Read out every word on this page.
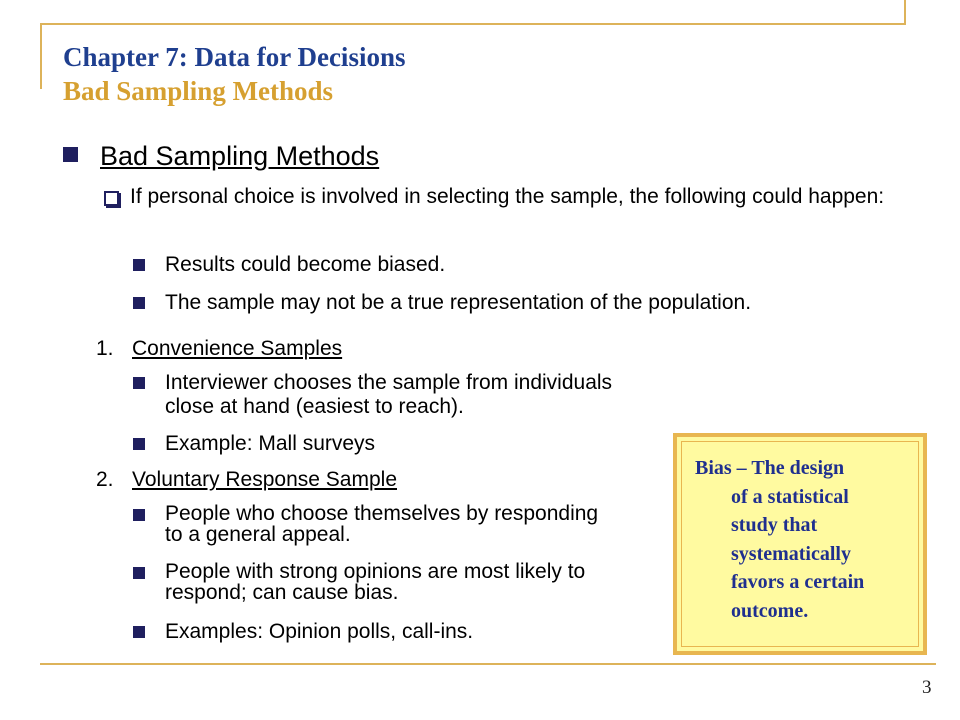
Chapter 7: Data for Decisions
Bad Sampling Methods
Bad Sampling Methods
If personal choice is involved in selecting the sample, the following could happen:
Results could become biased.
The sample may not be a true representation of the population.
1. Convenience Samples
Interviewer chooses the sample from individuals close at hand (easiest to reach).
Example: Mall surveys
2. Voluntary Response Sample
People who choose themselves by responding to a general appeal.
People with strong opinions are most likely to respond; can cause bias.
Examples: Opinion polls, call-ins.
Bias – The design
of a statistical
study that
systematically
favors a certain
outcome.
3
